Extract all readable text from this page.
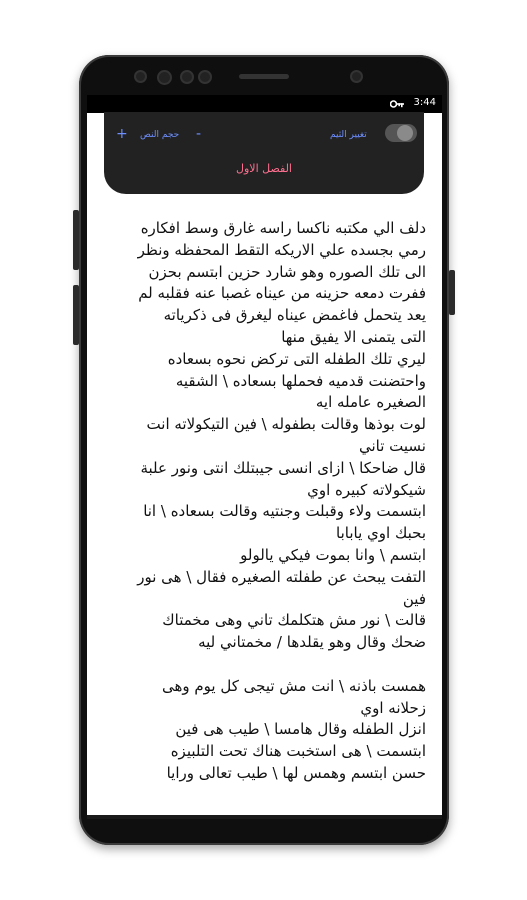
3:44
+ حجم النص -	تغيير الثيم
الفصل الاول

دلف الي مكتبه ناكسا راسه غارق وسط افكاره

رمي بجسده علي الاريكه التقط المحفظه ونظر

الى تلك الصوره وهو شارد حزين ابتسم بحزن

ففرت دمعه حزينه من عيناه غصبا عنه فقلبه لم

يعد يتحمل فاغمض عيناه ليغرق فى ذكرياته

التى يتمنى الا يفيق منها

ليري تلك الطفله التى تركض نحوه بسعاده

واحتضنت قدميه فحملها بسعاده \ الشقيه

الصغيره عامله ايه

لوت بوذها وقالت بطفوله \ فين التيكولاته انت

نسيت تاني

قال ضاحكا \ ازاى انسى جيبتلك انتى ونور علبة

شيكولاته كبيره اوي

ابتسمت ولاء وقبلت وجنتيه وقالت بسعاده \ انا

بحبك اوي يابابا

ابتسم \ وانا بموت فيكي يالولو

التفت يبحث عن طفلته الصغيره فقال \ هى نور

فين

قالت \ نور مش هتكلمك تاني وهى مخمتاك

ضحك وقال وهو يقلدها / مخمتاني ليه

همست باذنه \ انت مش تيجى كل يوم وهى

زحلانه اوي

انزل الطفله وقال هامسا \ طيب هى فين

ابتسمت \ هى استخبت هناك تحت التلبيزه

حسن ابتسم وهمس لها \ طيب تعالى ورايا
